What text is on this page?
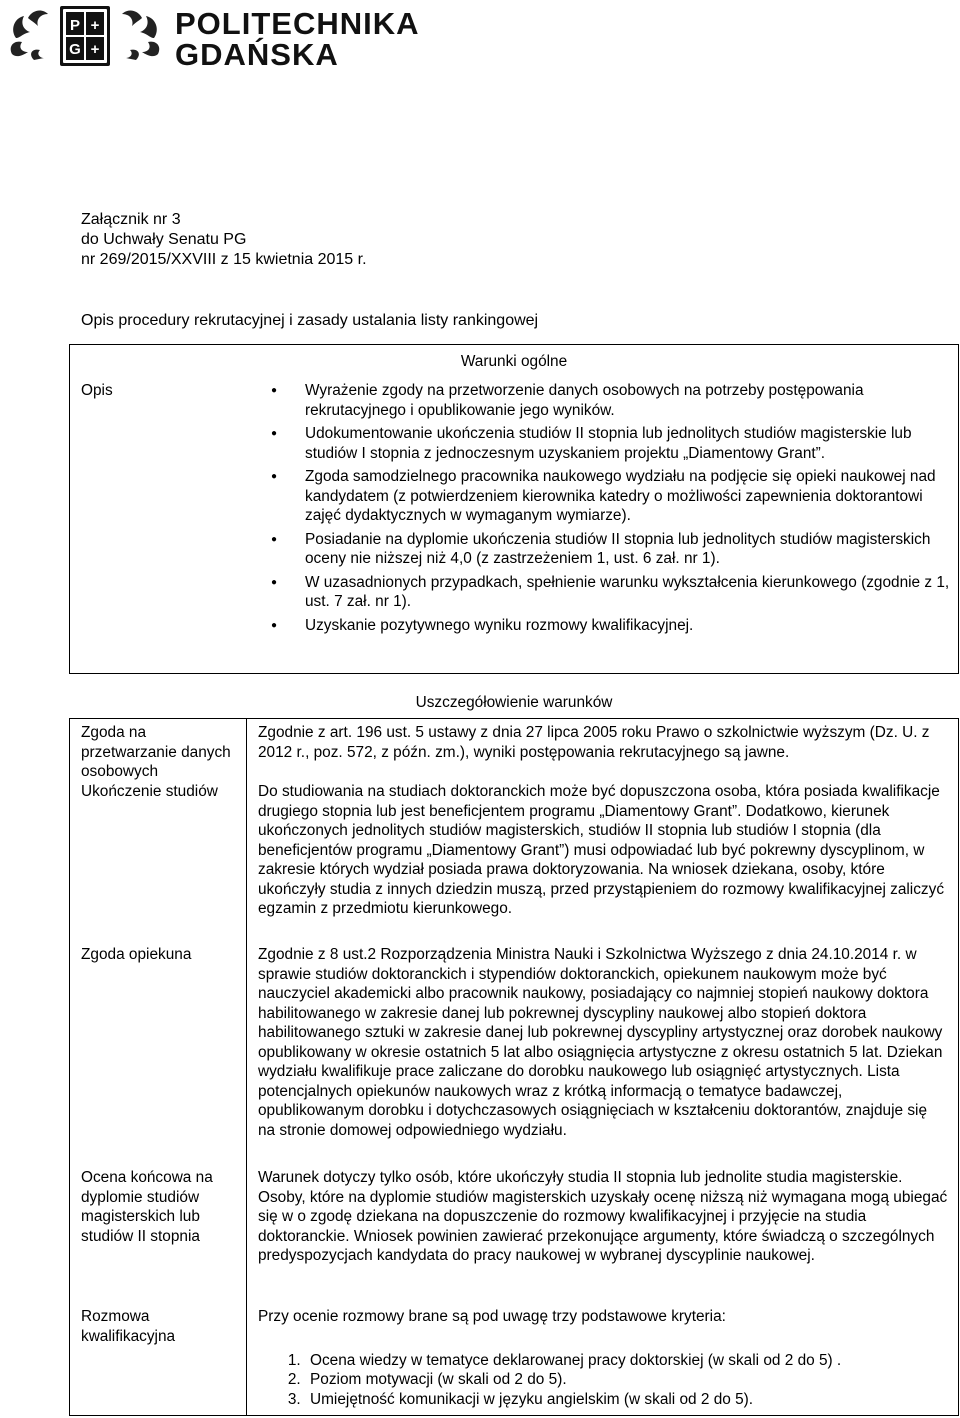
P +
G +
POLITECHNIKA
GDAŃSKA
Załącznik nr 3
do Uchwały Senatu PG
nr 269/2015/XXVIII z 15 kwietnia 2015 r.
Opis procedury rekrutacyjnej i zasady ustalania listy rankingowej
Warunki ogólne
Opis
●	Wyrażenie zgody na przetworzenie danych osobowych na potrzeby postępowania rekrutacyjnego i opublikowanie jego wyników.
● Udokumentowanie ukończenia studiów II stopnia lub jednolitych studiów magisterskie lub studiów I stopnia z jednoczesnym uzyskaniem projektu „Diamentowy Grant”.
● Zgoda samodzielnego pracownika naukowego wydziału na podjęcie się opieki naukowej nad kandydatem (z potwierdzeniem kierownika katedry o możliwości zapewnienia doktorantowi zajęć dydaktycznych w wymaganym wymiarze).
● Posiadanie na dyplomie ukończenia studiów II stopnia lub jednolitych studiów magisterskich oceny nie niższej niż 4,0 (z zastrzeżeniem 1, ust. 6 zał. nr 1).
● W uzasadnionych przypadkach, spełnienie warunku wykształcenia kierunkowego (zgodnie z 1, ust. 7 zał. nr 1).
● Uzyskanie pozytywnego wyniku rozmowy kwalifikacyjnej.
Uszczegółowienie warunków
Zgoda na przetwarzanie danych osobowych
Zgodnie z art. 196 ust. 5 ustawy z dnia 27 lipca 2005 roku Prawo o szkolnictwie wyższym (Dz. U. z 2012 r., poz. 572, z późn. zm.), wyniki postępowania rekrutacyjnego są jawne.
Ukończenie studiów	Do studiowania na studiach doktoranckich może być dopuszczona osoba, która posiada kwalifikacje drugiego stopnia lub jest beneficjentem programu „Diamentowy Grant”. Dodatkowo, kierunek ukończonych jednolitych studiów magisterskich, studiów II stopnia lub studiów I stopnia (dla beneficjentów programu „Diamentowy Grant”) musi odpowiadać lub być pokrewny dyscyplinom, w zakresie których wydział posiada prawa doktoryzowania. Na wniosek dziekana, osoby, które ukończyły studia z innych dziedzin muszą, przed przystąpieniem do rozmowy kwalifikacyjnej zaliczyć egzamin z przedmiotu kierunkowego.
Zgoda opiekuna	Zgodnie z 8 ust.2 Rozporządzenia Ministra Nauki i Szkolnictwa Wyższego z dnia 24.10.2014 r. w sprawie studiów doktoranckich i stypendiów doktoranckich, opiekunem naukowym może być nauczyciel akademicki albo pracownik naukowy, posiadający co najmniej stopień naukowy doktora habilitowanego w zakresie danej lub pokrewnej dyscypliny naukowej albo stopień doktora habilitowanego sztuki w zakresie danej lub pokrewnej dyscypliny artystycznej oraz dorobek naukowy opublikowany w okresie ostatnich 5 lat albo osiągnięcia artystyczne z okresu ostatnich 5 lat. Dziekan wydziału kwalifikuje prace zaliczane do dorobku naukowego lub osiągnięć artystycznych. Lista potencjalnych opiekunów naukowych wraz z krótką informacją o tematyce badawczej, opublikowanym dorobku i dotychczasowych osiągnięciach w kształceniu doktorantów, znajduje się na stronie domowej odpowiedniego wydziału.
Ocena końcowa na dyplomie studiów magisterskich lub studiów II stopnia
Warunek dotyczy tylko osób, które ukończyły studia II stopnia lub jednolite studia magisterskie. Osoby, które na dyplomie studiów magisterskich uzyskały ocenę niższą niż wymagana mogą ubiegać się w o zgodę dziekana na dopuszczenie do rozmowy kwalifikacyjnej i przyjęcie na studia doktoranckie. Wniosek powinien zawierać przekonujące argumenty, które świadczą o szczególnych predyspozycjach kandydata do pracy naukowej w wybranej dyscyplinie naukowej.
Rozmowa kwalifikacyjna
Przy ocenie rozmowy brane są pod uwagę trzy podstawowe kryteria:
1. Ocena wiedzy w tematyce deklarowanej pracy doktorskiej (w skali od 2 do 5) .
2. Poziom motywacji (w skali od 2 do 5).
3. Umiejętność komunikacji w języku angielskim (w skali od 2 do 5).
